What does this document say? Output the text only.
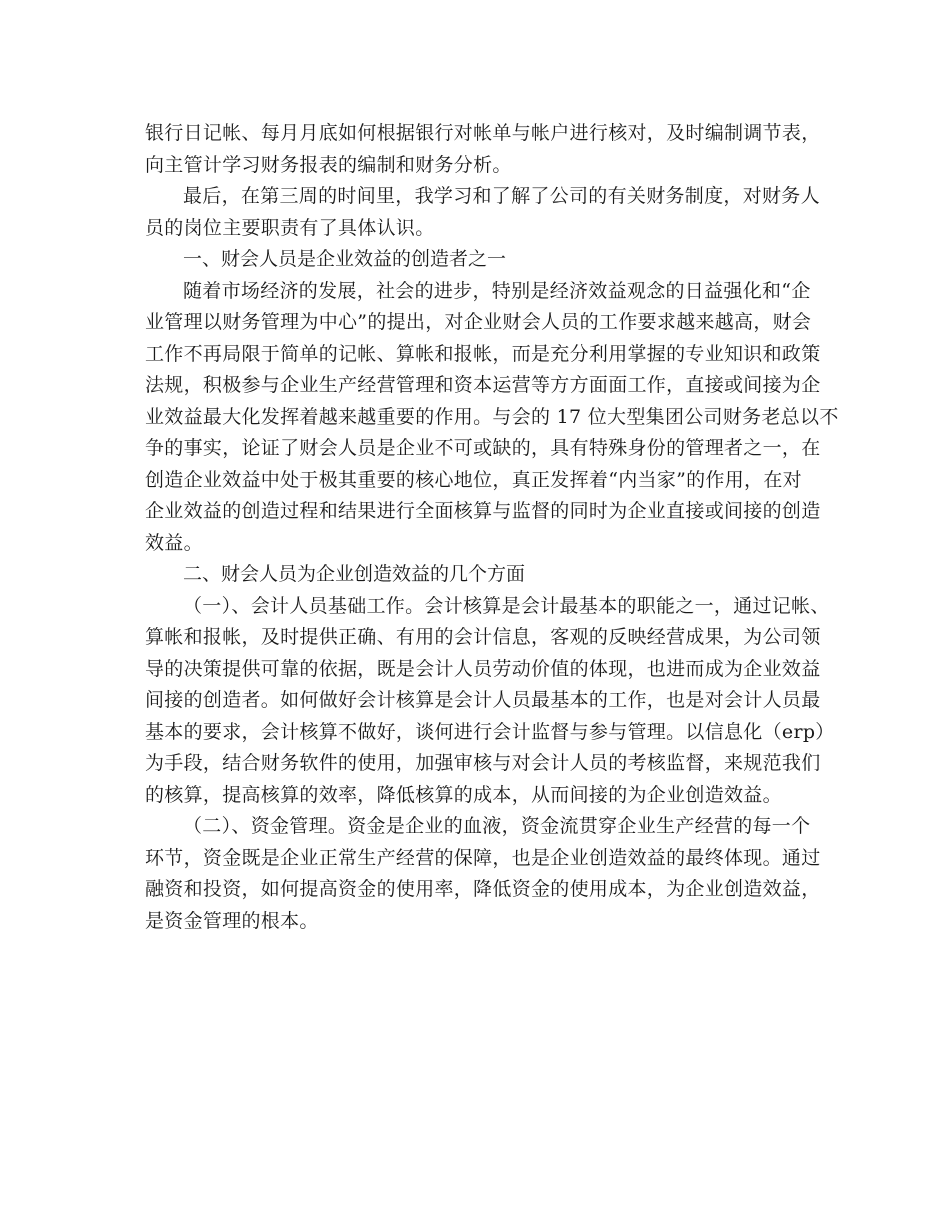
银行日记帐、每月月底如何根据银行对帐单与帐户进行核对，及时编制调节表，
向主管计学习财务报表的编制和财务分析。

最后，在第三周的时间里，我学习和了解了公司的有关财务制度，对财务人
员的岗位主要职责有了具体认识。

一、财会人员是企业效益的创造者之一

随着市场经济的发展，社会的进步，特别是经济效益观念的日益强化和“企
业管理以财务管理为中心”的提出，对企业财会人员的工作要求越来越高，财会
工作不再局限于简单的记帐、算帐和报帐，而是充分利用掌握的专业知识和政策
法规，积极参与企业生产经营管理和资本运营等方方面面工作，直接或间接为企
业效益最大化发挥着越来越重要的作用。与会的 17 位大型集团公司财务老总以不
争的事实，论证了财会人员是企业不可或缺的，具有特殊身份的管理者之一，在
创造企业效益中处于极其重要的核心地位，真正发挥着“内当家”的作用，在对
企业效益的创造过程和结果进行全面核算与监督的同时为企业直接或间接的创造
效益。

二、财会人员为企业创造效益的几个方面

（一）、会计人员基础工作。会计核算是会计最基本的职能之一，通过记帐、
算帐和报帐，及时提供正确、有用的会计信息，客观的反映经营成果，为公司领
导的决策提供可靠的依据，既是会计人员劳动价值的体现，也进而成为企业效益
间接的创造者。如何做好会计核算是会计人员最基本的工作，也是对会计人员最
基本的要求，会计核算不做好，谈何进行会计监督与参与管理。以信息化（erp）
为手段，结合财务软件的使用，加强审核与对会计人员的考核监督，来规范我们
的核算，提高核算的效率，降低核算的成本，从而间接的为企业创造效益。

（二）、资金管理。资金是企业的血液，资金流贯穿企业生产经营的每一个
环节，资金既是企业正常生产经营的保障，也是企业创造效益的最终体现。通过
融资和投资，如何提高资金的使用率，降低资金的使用成本，为企业创造效益，
是资金管理的根本。
